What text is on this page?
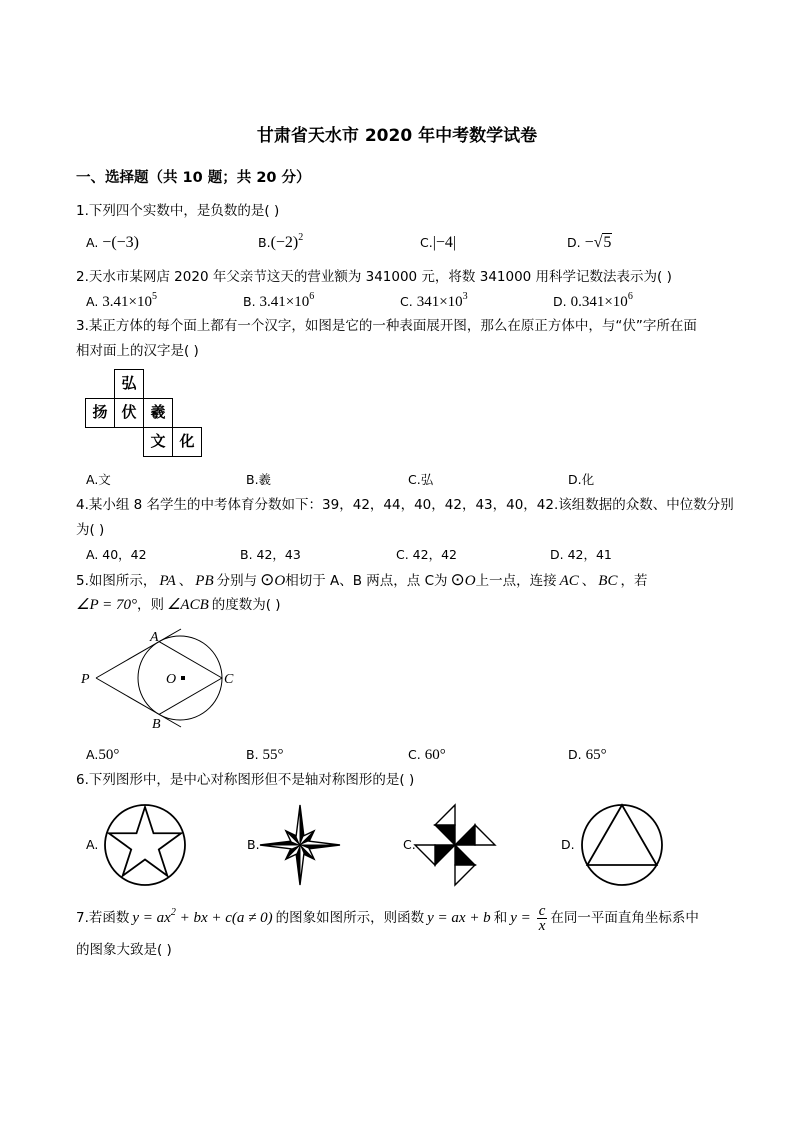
甘肃省天水市 2020 年中考数学试卷
一、选择题（共 10 题；共 20 分）
1.下列四个实数中，是负数的是( )
A. −(−3)	$B.(-2)^2$	C.|−4|	D. −√5
2.天水市某网店 2020 年父亲节这天的营业额为 341000 元，将数 341000 用科学记数法表示为( )
A. $3.41\times 10^5$	B. $3.41\times 10^6$	C. $341\times 10^3$	D. $0.341\times 10^6$
3.某正方体的每个面上都有一个汉字，如图是它的一种表面展开图，那么在原正方体中，与“伏”字所在面
相对面上的汉字是( )
弘
扬 伏 羲
文 化
A.文	B.羲	C.弘	D.化
4.某小组 8 名学生的中考体育分数如下：39，42，44，40，42，43，40，42.该组数据的众数、中位数分别
为( )
A. 40，42	B. 42，43	C. 42，42	D. 42，41
5.如图所示， PA 、 PB 分别与 ⊙O相切于 A、B 两点，点 C为 ⊙O上一点，连接 AC 、 BC ，若
∠P = 70°，则 ∠ACB 的度数为( )
P
A
O	C
B
A.50°	B. 55°	C. 60°	D. 65°
6.下列图形中，是中心对称图形但不是轴对称图形的是( )
A.	B.	C.	D.
7.若函数 $y = ax^2$ + bx + c(a ≠ 0) 的图象如图所示，则函数 y = ax + b 和 $y = \frac{c}{x}$ 在同一平面直角坐标系中
的图象大致是( )
